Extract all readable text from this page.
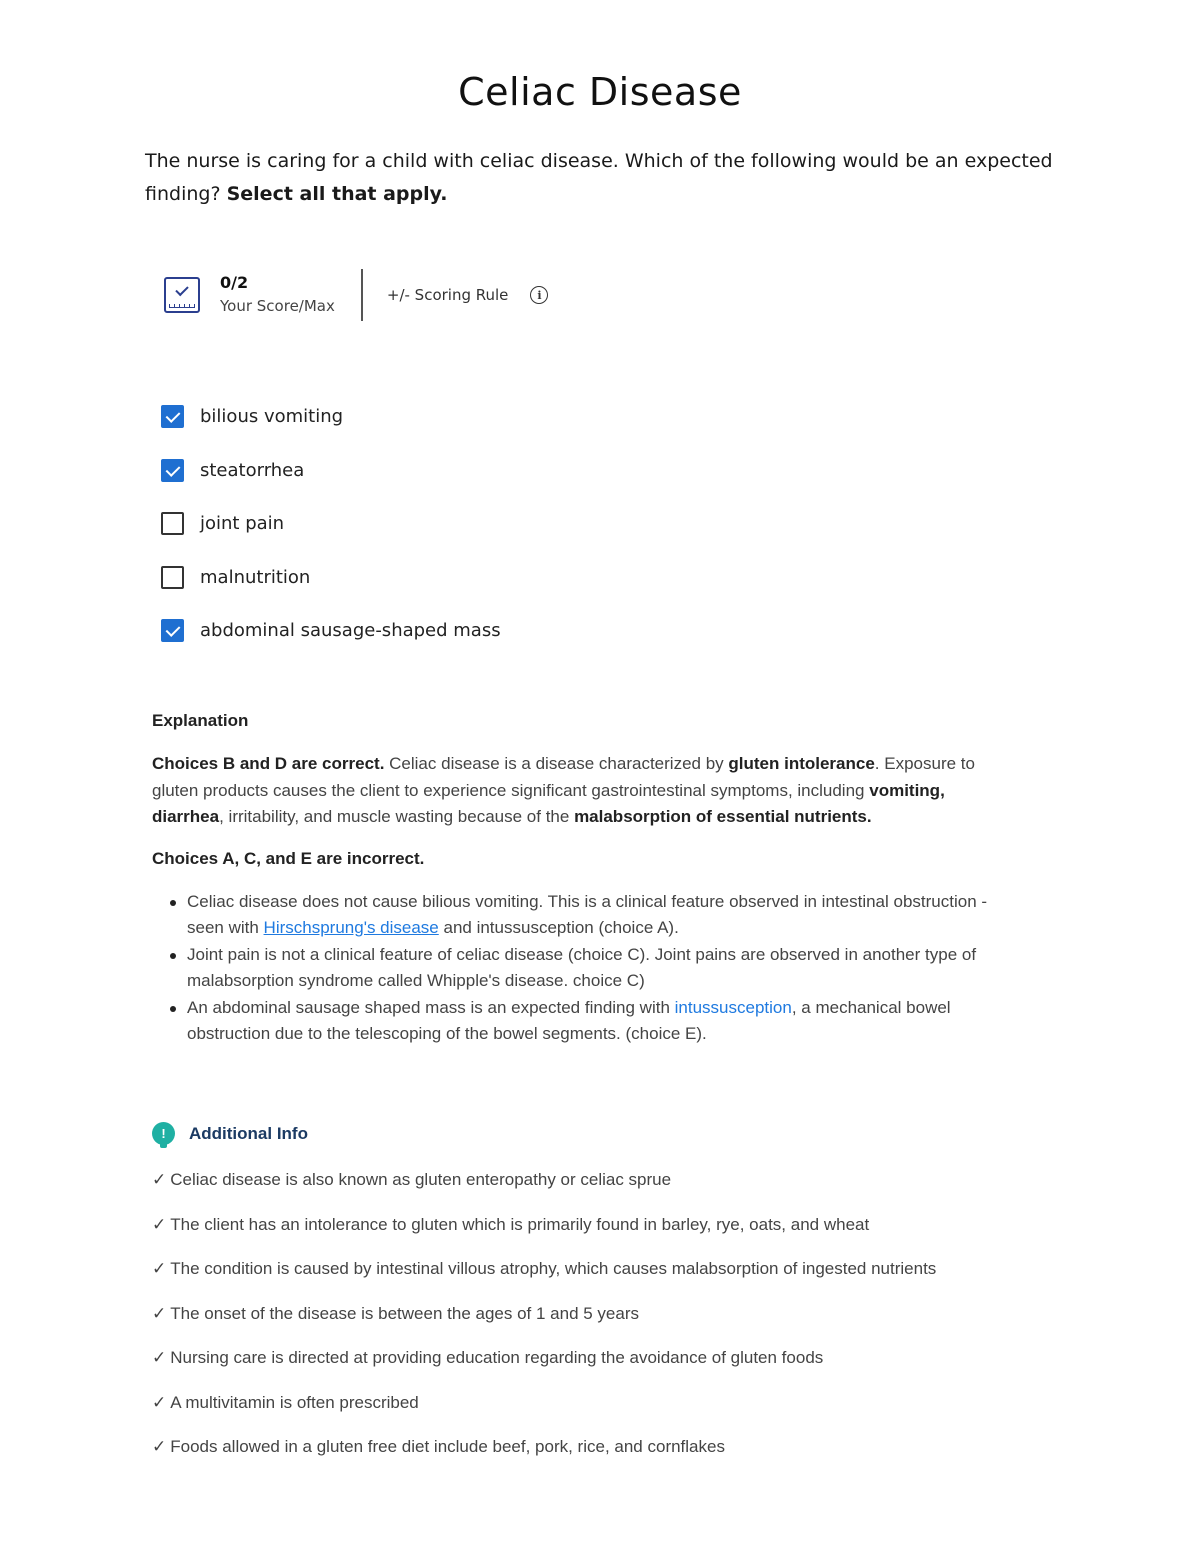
Celiac Disease
The nurse is caring for a child with celiac disease. Which of the following would be an expected finding? Select all that apply.
0/2
Your Score/Max
+/- Scoring Rule	i
bilious vomiting
steatorrhea
joint pain
malnutrition
abdominal sausage-shaped mass
Explanation

Choices B and D are correct. Celiac disease is a disease characterized by gluten intolerance. Exposure to gluten products causes the client to experience significant gastrointestinal symptoms, including vomiting, diarrhea, irritability, and muscle wasting because of the malabsorption of essential nutrients.

Choices A, C, and E are incorrect.
Celiac disease does not cause bilious vomiting. This is a clinical feature observed in intestinal obstruction - seen with Hirschsprung's disease and intussusception (choice A).
Joint pain is not a clinical feature of celiac disease (choice C). Joint pains are observed in another type of malabsorption syndrome called Whipple's disease. choice C)
An abdominal sausage shaped mass is an expected finding with intussusception, a mechanical bowel obstruction due to the telescoping of the bowel segments. (choice E).
!	Additional Info
✓ Celiac disease is also known as gluten enteropathy or celiac sprue
✓ The client has an intolerance to gluten which is primarily found in barley, rye, oats, and wheat
✓ The condition is caused by intestinal villous atrophy, which causes malabsorption of ingested nutrients
✓ The onset of the disease is between the ages of 1 and 5 years
✓ Nursing care is directed at providing education regarding the avoidance of gluten foods
✓ A multivitamin is often prescribed
✓ Foods allowed in a gluten free diet include beef, pork, rice, and cornflakes
